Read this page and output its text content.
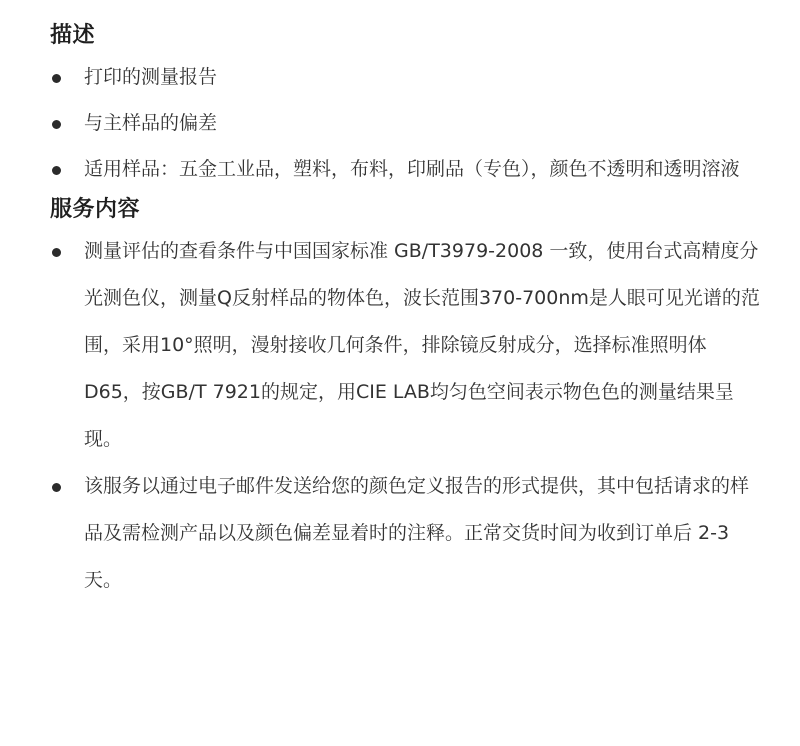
描述
打印的测量报告
与主样品的偏差
适用样品：五金工业品，塑料，布料，印刷品（专色），颜色不透明和透明溶液
服务内容
测量评估的查看条件与中国国家标准 GB/T3979-2008 一致，使用台式高精度分光测色仪，测量Q反射样品的物体色，波长范围370-700nm是人眼可见光谱的范围，采用10°照明，漫射接收几何条件，排除镜反射成分，选择标准照明体D65，按GB/T 7921的规定，用CIE LAB均匀色空间表示物色色的测量结果呈现。
该服务以通过电子邮件发送给您的颜色定义报告的形式提供，其中包括请求的样品及需检测产品以及颜色偏差显着时的注释。正常交货时间为收到订单后 2-3 天。
